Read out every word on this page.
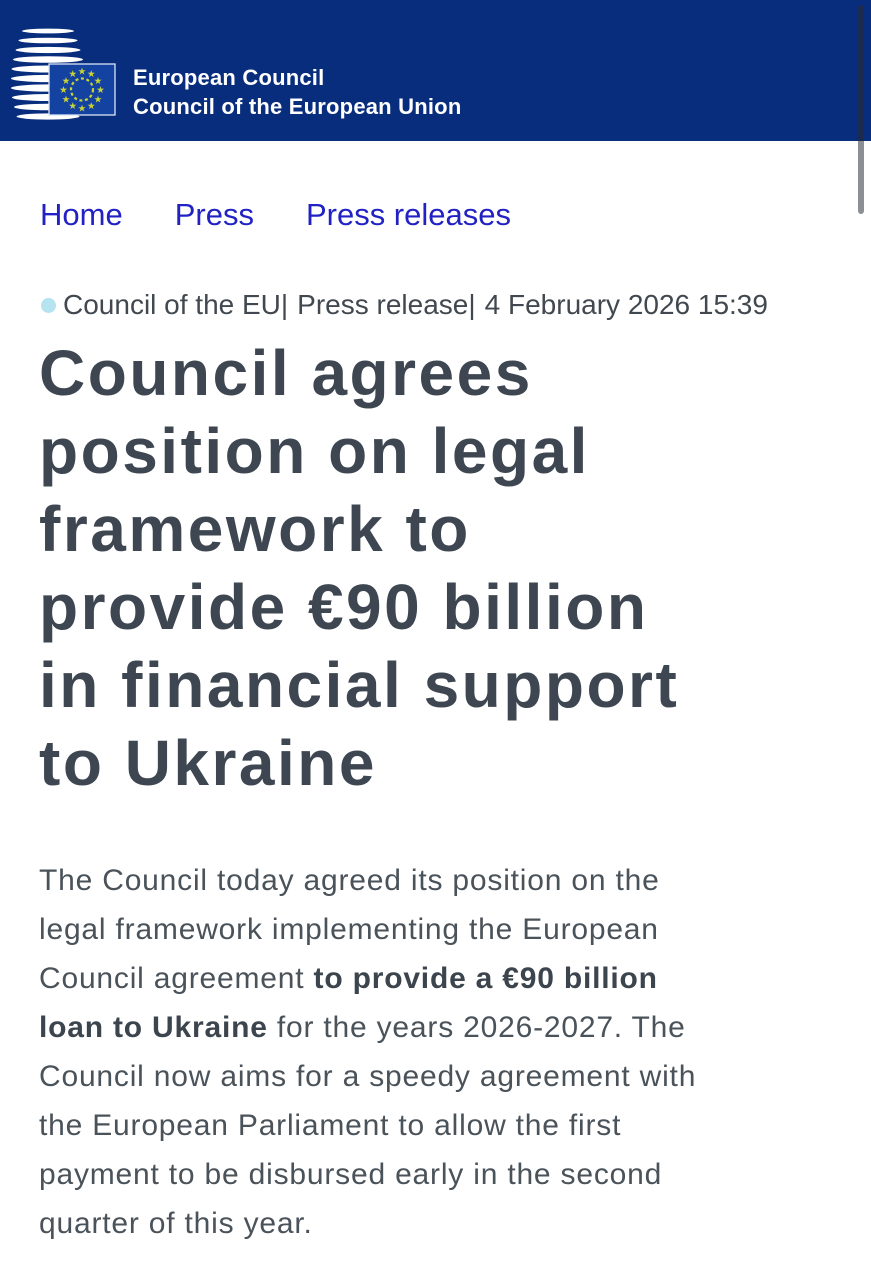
★ ★
★
★
★
★
★
★
★
★
★
★	European Council
Council of the European Union
Home Press Press releases
Council of the EU | Press release | 4 February 2026 15:39
Council agrees
position on legal
framework to
provide €90 billion
in financial support
to Ukraine
The Council today agreed its position on the
legal framework implementing the European
Council agreement to provide a €90 billion
loan to Ukraine for the years 2026-2027. The
Council now aims for a speedy agreement with
the European Parliament to allow the first
payment to be disbursed early in the second
quarter of this year.
